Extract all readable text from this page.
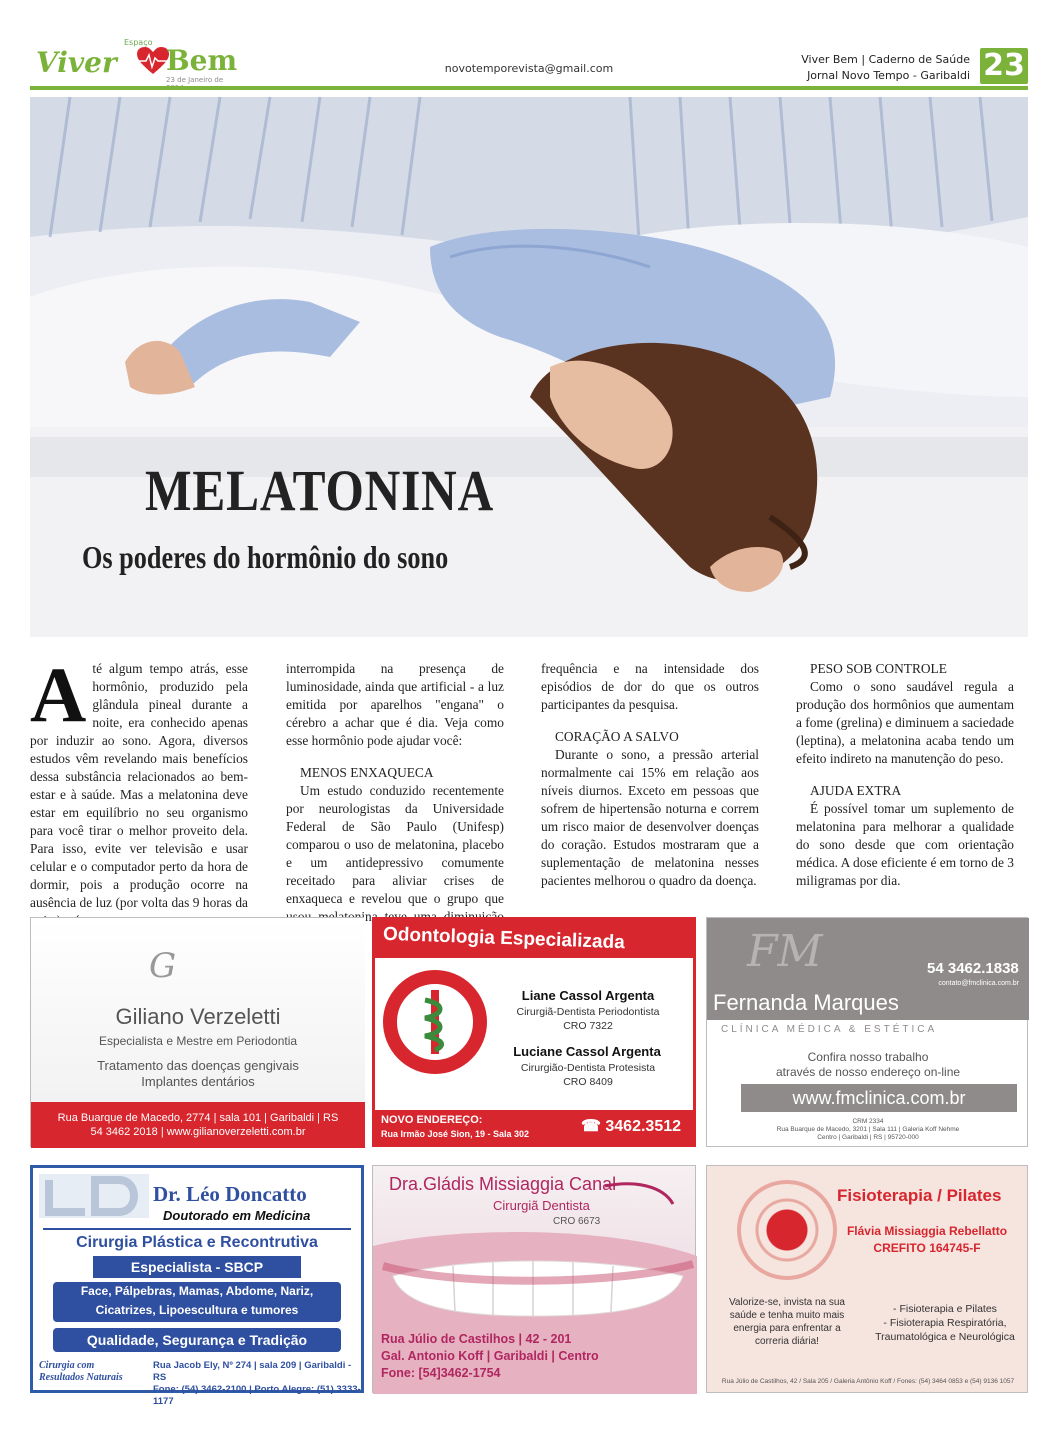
Espaço
Viver Bem
23 de Janeiro de
novotemporevista@gmail.com
Viver Bem | Caderno de Saúde
Jornal Novo Tempo - Garibaldi 23
MELATONINA
Os poderes do hormônio do sono
A té algum tempo atrás, esse hormônio, produzido pela glândula pineal durante a noite, era conhecido apenas por induzir ao sono. Agora, diversos estudos vêm revelando mais benefícios dessa substância relacionados ao bem-estar e à saúde. Mas a melatonina deve estar em equilíbrio no seu organismo para você tirar o melhor proveito dela. Para isso, evite ver televisão e usar celular e o computador perto da hora de dormir, pois a produção ocorre na ausência de luz (por volta das 9 horas da

interrompida na presença de luminosidade, ainda que artificial - a luz emitida por aparelhos "engana" o cérebro a achar que é dia. Veja como esse hormônio pode ajudar você:

MENOS ENXAQUECA

Um estudo conduzido recentemente por neurologistas da Universidade Federal de São Paulo (Unifesp) comparou o uso de melatonina, placebo e um antidepressivo comumente receitado para aliviar crises de enxaqueca e revelou que o grupo que

frequência e na intensidade dos episódios de dor do que os outros participantes da pesquisa.

CORAÇÃO A SALVO

Durante o sono, a pressão arterial normalmente cai 15% em relação aos níveis diurnos. Exceto em pessoas que sofrem de hipertensão noturna e correm um risco maior de desenvolver doenças do coração. Estudos mostraram que a suplementação de melatonina nesses pacientes melhorou o quadro da doença.

PESO SOB CONTROLE

Como o sono saudável regula a produção dos hormônios que aumentam a fome (grelina) e diminuem a saciedade (leptina), a melatonina acaba tendo um efeito indireto na manutenção do peso.

AJUDA EXTRA

É possível tomar um suplemento de melatonina para melhorar a qualidade do sono desde que com orientação médica. A dose eficiente é em torno de 3 miligramas por dia.

G
Giliano Verzeletti
Especialista e Mestre em Periodontia
Tratamento das doenças gengivais
Implantes dentários
Rua Buarque de Macedo, 2774 | sala 101 | Garibaldi | RS
54 3462 2018 | www.gilianoverzeletti.com.br
Odontologia Especializada
Liane Cassol Argenta
Cirurgiã-Dentista Periodontista
CRO 7322
Luciane Cassol Argenta
Cirurgião-Dentista Protesista
CRO 8409
NOVO ENDEREÇO:
Rua Irmão José Sion, 19 - Sala 302	☎ 3462.3512
FM	54 3462.1838
contato@fmclinica.com.br
Fernanda Marques
CLÍNICA MÉDICA & ESTÉTICA
Confira nosso trabalho
através de nosso endereço on-line
www.fmclinica.com.br
CRM 2334
Rua Buarque de Macedo, 3201 | Sala 111 | Galeria Koff Nehme
Centro | Garibaldi | RS | 95720-000
Dr. Léo Doncatto
Doutorado em Medicina
Cirurgia Plástica e Recontrutiva
Especialista - SBCP
Face, Pálpebras, Mamas, Abdome, Nariz,
Cicatrizes, Lipoescultura e tumores
Qualidade, Segurança e Tradição
Cirurgia com
Resultados Naturais
Rua Jacob Ely, Nº 274 | sala 209 | Garibaldi - RS
Fone: (54) 3462-2100 | Porto Alegre: (51) 3333-1177
Dra.Gládis Missiaggia Canal
Cirurgiã Dentista
CRO 6673
Rua Júlio de Castilhos | 42 - 201
Gal. Antonio Koff | Garibaldi | Centro
Fone: [54]3462-1754
Fisioterapia / Pilates
Flávia Missiaggia Rebellatto
CREFITO 164745-F
Valorize-se, invista na sua saúde e tenha muito mais energia para enfrentar a correria diária!
- Fisioterapia e Pilates
- Fisioterapia Respiratória,
Traumatológica e Neurológica
Rua Júlio de Castilhos, 42 / Sala 205 / Galeria Antônio Koff / Fones: (54) 3464 0853 e (54) 9136 1057
